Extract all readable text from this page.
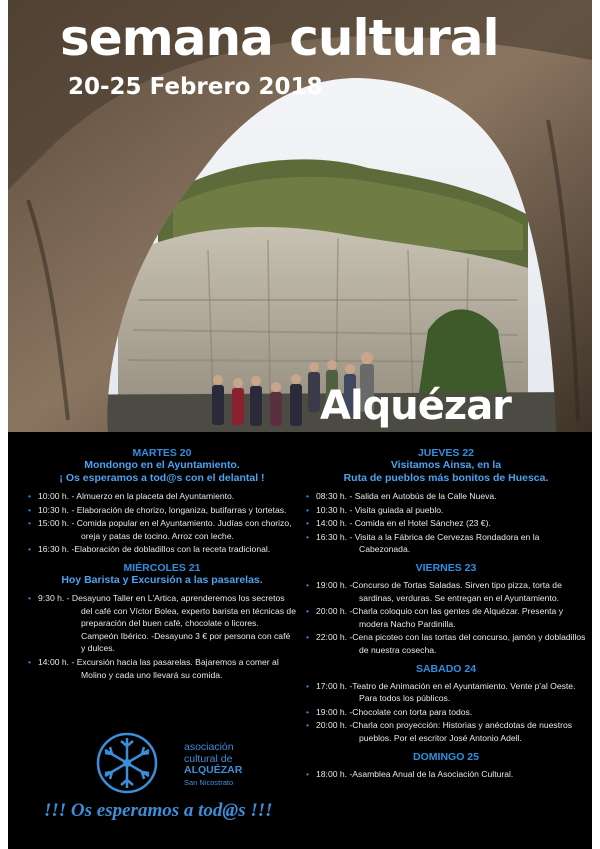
semana cultural
20-25 Febrero 2018
Alquézar
MARTES 20
Mondongo en el Ayuntamiento.
¡ Os esperamos a tod@s con el delantal !
• 10:00 h. - Almuerzo en la placeta del Ayuntamiento.
• 10:30 h. - Elaboración de chorizo, longaniza, butifarras y tortetas.
• 15:00 h. - Comida popular en el Ayuntamiento. Judías con chorizo, oreja y patas de tocino. Arroz con leche.
• 16:30 h. -Elaboración de dobladillos con la receta tradicional.
MIÉRCOLES 21
Hoy Barista y Excursión a las pasarelas.
• 9:30 h. - Desayuno Taller en L'Artica, aprenderemos los secretos del café con Víctor Bolea, experto barista en técnicas de preparación del buen café, chocolate o licores. Campeón Ibérico. -Desayuno 3 € por persona con café y dulces.
• 14:00 h. - Excursión hacia las pasarelas. Bajaremos a comer al Molino y cada uno llevará su comida.
JUEVES 22
Visitamos Ainsa, en la
Ruta de pueblos más bonitos de Huesca.
• 08:30 h. - Salida en Autobús de la Calle Nueva.
• 10:30 h. - Visita guiada al pueblo.
• 14:00 h. - Comida en el Hotel Sánchez (23 €).
• 16:30 h. - Visita a la Fábrica de Cervezas Rondadora en la Cabezonada.
VIERNES 23
• 19:00 h. -Concurso de Tortas Saladas. Sirven tipo pizza, torta de sardinas, verduras. Se entregan en el Ayuntamiento.
• 20:00 h. -Charla coloquio con las gentes de Alquézar. Presenta y modera Nacho Pardinilla.
• 22:00 h. -Cena picoteo con las tortas del concurso, jamón y dobladillos de nuestra cosecha.
SABADO 24
• 17:00 h. -Teatro de Animación en el Ayuntamiento. Vente p'al Oeste. Para todos los públicos.
• 19:00 h. -Chocolate con torta para todos.
• 20:00 h. -Charla con proyección: Historias y anécdotas de nuestros pueblos. Por el escritor José Antonio Adell.
DOMINGO 25
• 18:00 h. -Asamblea Anual de la Asociación Cultural.
asociación
cultural de
ALQUÉZAR
San Nicostrato
!!! Os esperamos a tod@s !!!
